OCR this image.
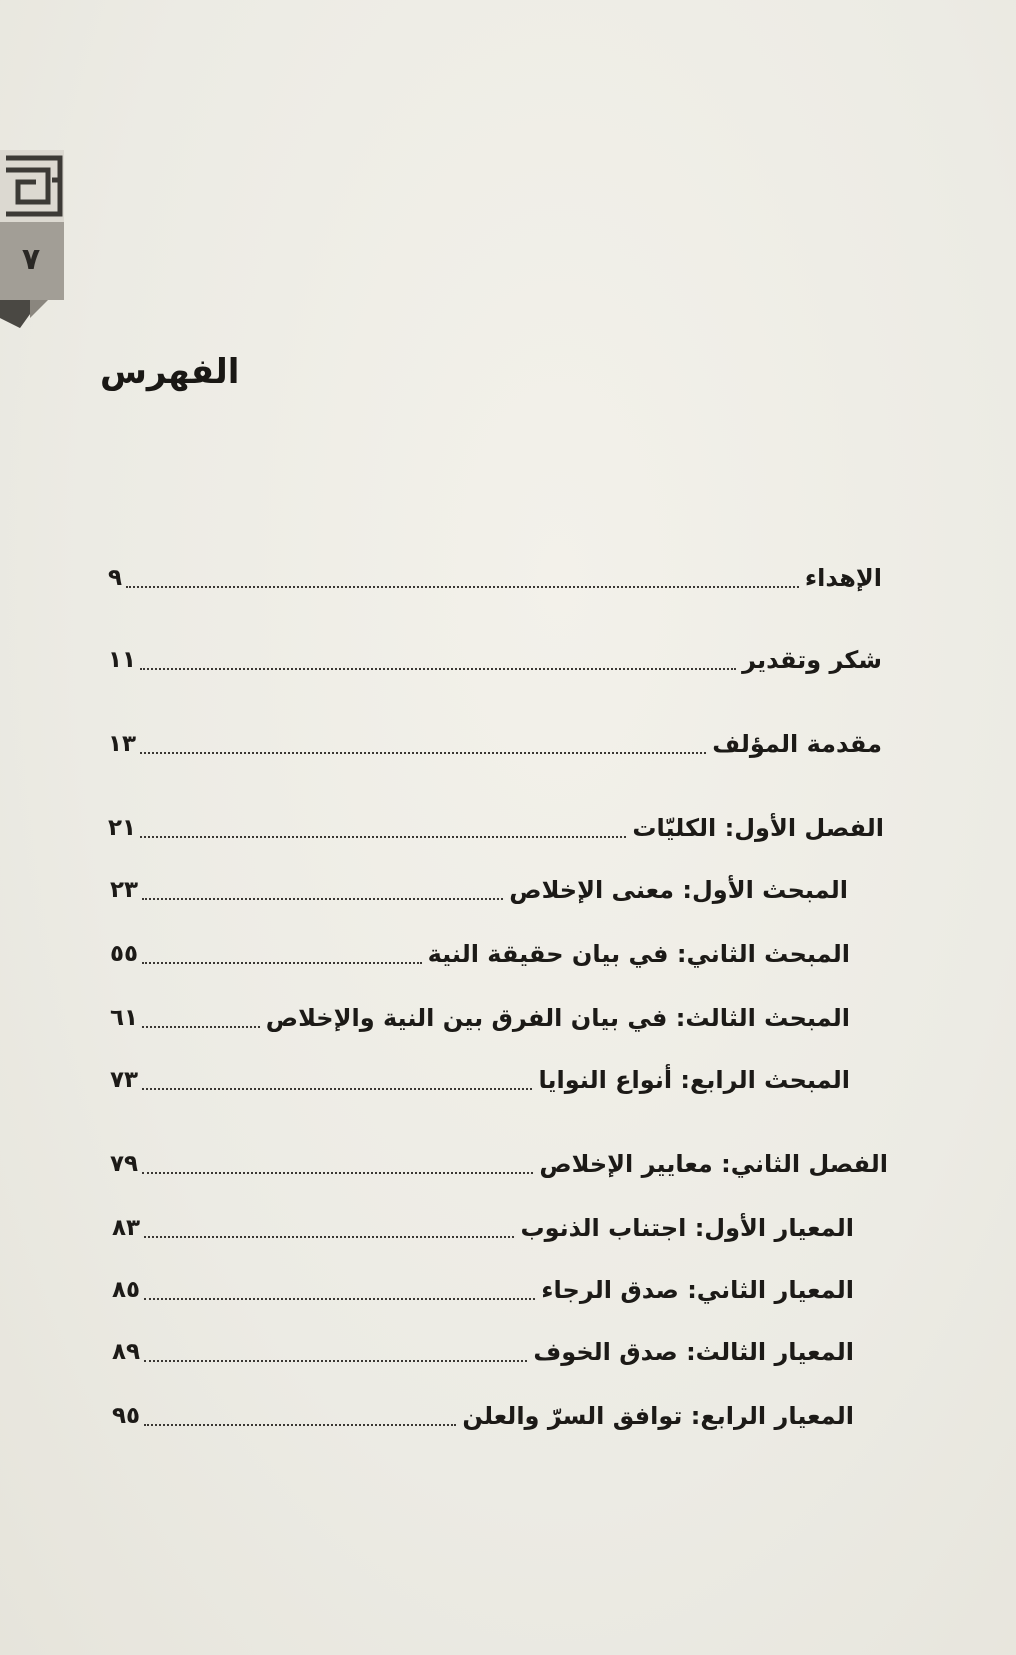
٧
الفهرس
الإهداء
٩
شكر وتقدير
١١
مقدمة المؤلف
١٣
الفصل الأول: الكليّات
٢١
المبحث الأول: معنى الإخلاص
٢٣
المبحث الثاني: في بيان حقيقة النية
٥٥
المبحث الثالث: في بيان الفرق بين النية والإخلاص
٦١
المبحث الرابع: أنواع النوايا
٧٣
الفصل الثاني: معايير الإخلاص
٧٩
المعيار الأول: اجتناب الذنوب
٨٣
المعيار الثاني: صدق الرجاء
٨٥
المعيار الثالث: صدق الخوف
٨٩
المعيار الرابع: توافق السرّ والعلن
٩٥
